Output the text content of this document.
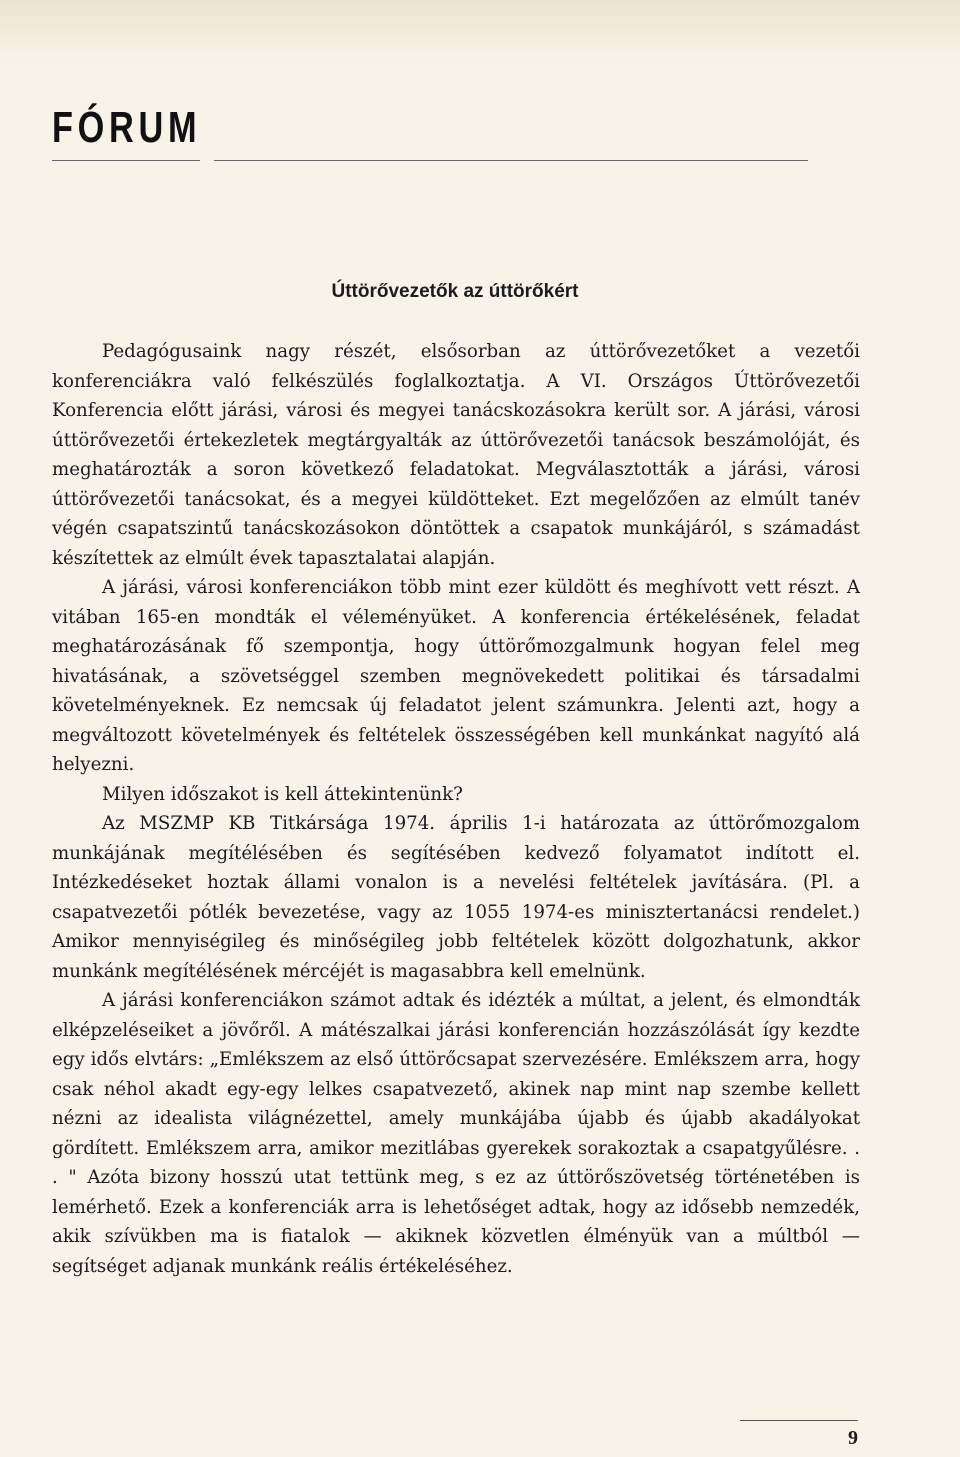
FÓRUM
Úttörővezetők az úttörőkért

Pedagógusaink nagy részét, elsősorban az úttörővezetőket a vezetői konferenciákra való felkészülés foglalkoztatja. A VI. Országos Úttörővezetői Konferencia előtt járási, városi és megyei tanácskozásokra került sor. A járási, városi úttörővezetői értekezletek megtárgyalták az úttörővezetői tanácsok beszámolóját, és meghatározták a soron következő feladatokat. Megválasztották a járási, városi úttörővezetői tanácsokat, és a megyei küldötteket. Ezt megelőzően az elmúlt tanév végén csapatszintű tanácskozásokon döntöttek a csapatok munkájáról, s számadást készítettek az elmúlt évek tapasztalatai alapján.

A járási, városi konferenciákon több mint ezer küldött és meghívott vett részt. A vitában 165-en mondták el véleményüket. A konferencia értékelésének, feladat meghatározásának fő szempontja, hogy úttörőmozgalmunk hogyan felel meg hivatásának, a szövetséggel szemben megnövekedett politikai és társadalmi követelményeknek. Ez nemcsak új feladatot jelent számunkra. Jelenti azt, hogy a megváltozott követelmények és feltételek összességében kell munkánkat nagyító alá helyezni.

Milyen időszakot is kell áttekintenünk?

Az MSZMP KB Titkársága 1974. április 1-i határozata az úttörőmozgalom munkájának megítélésében és segítésében kedvező folyamatot indított el. Intézkedéseket hoztak állami vonalon is a nevelési feltételek javítására. (Pl. a csapatvezetői pótlék bevezetése, vagy az 1055 1974-es minisztertanácsi rendelet.) Amikor mennyiségileg és minőségileg jobb feltételek között dolgozhatunk, akkor munkánk megítélésének mércéjét is magasabbra kell emelnünk.

A járási konferenciákon számot adtak és idézték a múltat, a jelent, és elmondták elképzeléseiket a jövőről. A mátészalkai járási konferencián hozzászólását így kezdte egy idős elvtárs: „Emlékszem az első úttörőcsapat szervezésére. Emlékszem arra, hogy csak néhol akadt egy-egy lelkes csapatvezető, akinek nap mint nap szembe kellett nézni az idealista világnézettel, amely munkájába újabb és újabb akadályokat gördített. Emlékszem arra, amikor mezitlábas gyerekek sorakoztak a csapatgyűlésre. . . " Azóta bizony hosszú utat tettünk meg, s ez az úttörőszövetség történetében is lemérhető. Ezek a konferenciák arra is lehetőséget adtak, hogy az idősebb nemzedék, akik szívükben ma is fiatalok — akiknek közvetlen élményük van a múltból — segítséget adjanak munkánk reális értékeléséhez.

9
